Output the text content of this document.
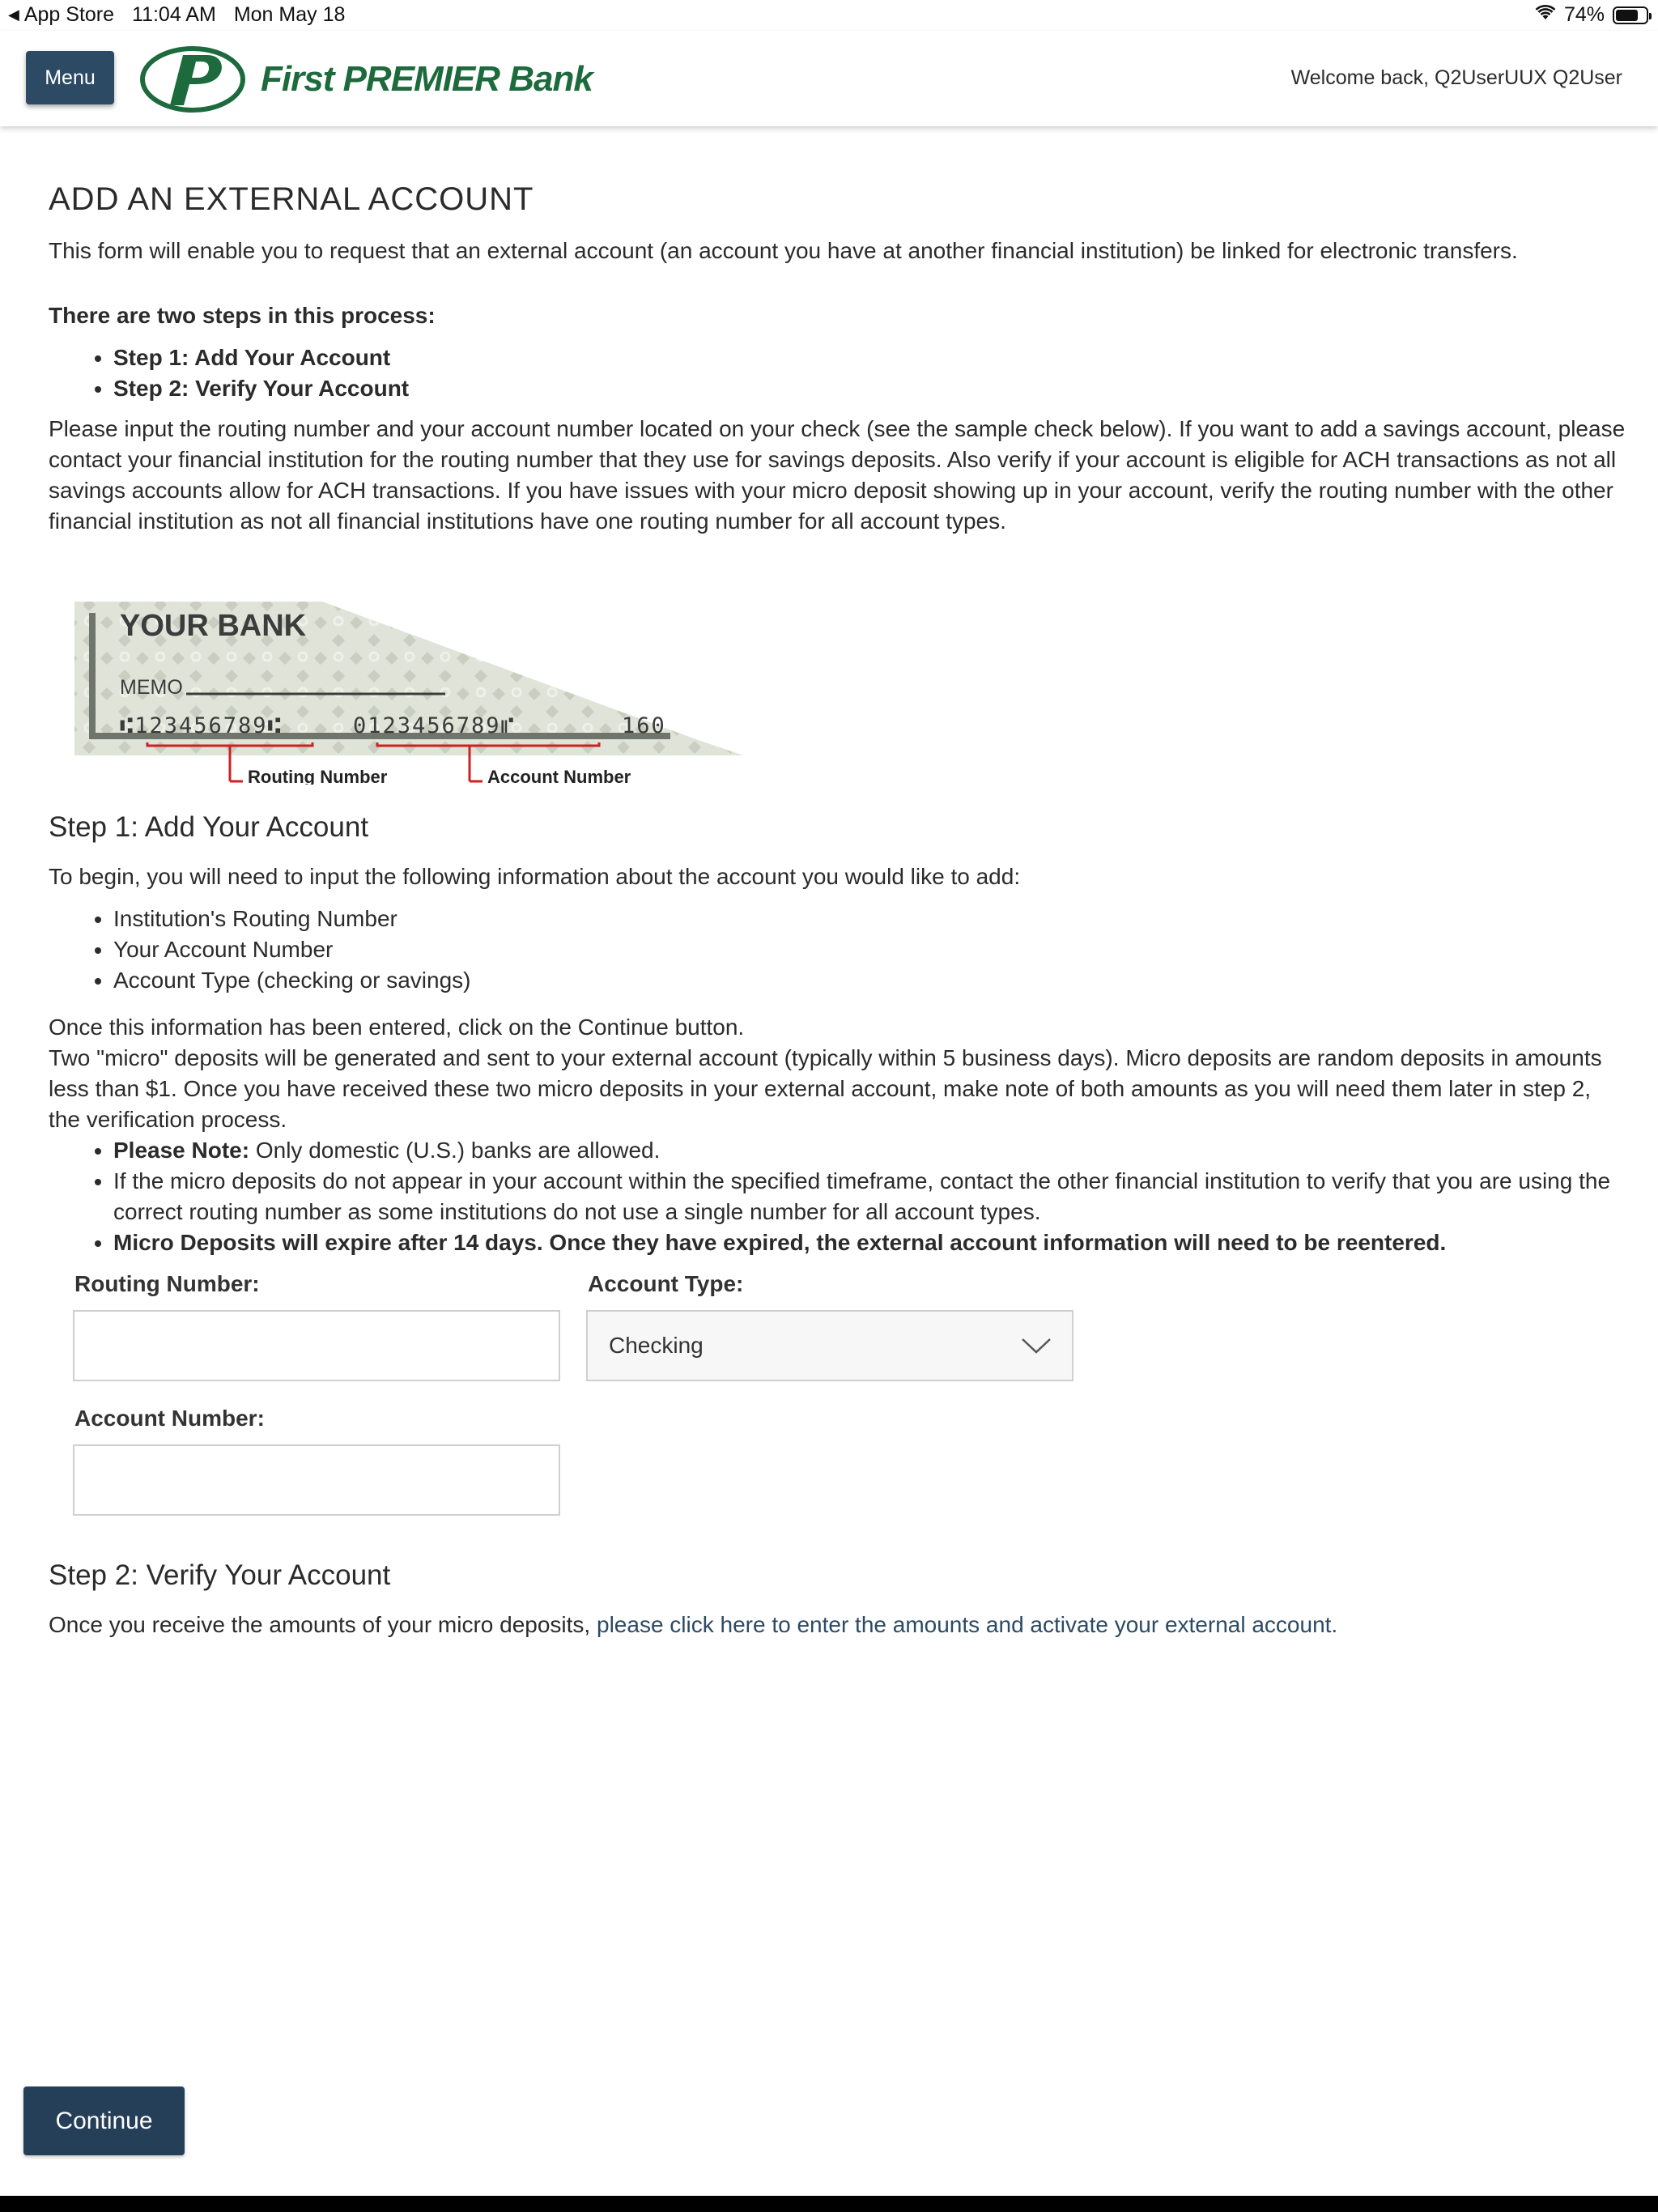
◀ App Store 11:04 AM Mon May 18	74%
Menu	First PREMIER Bank	Welcome back, Q2UserUUX Q2User
ADD AN EXTERNAL ACCOUNT

This form will enable you to request that an external account (an account you have at another financial institution) be linked for electronic transfers.

There are two steps in this process:

• Step 1: Add Your Account
• Step 2: Verify Your Account

Please input the routing number and your account number located on your check (see the sample check below). If you want to add a savings account, please contact your financial institution for the routing number that they use for savings deposits. Also verify if your account is eligible for ACH transactions as not all savings accounts allow for ACH transactions. If you have issues with your micro deposit showing up in your account, verify the routing number with the other financial institution as not all financial institutions have one routing number for all account types.

YOUR BANK
MEMO
⑆123456789⑆	0123456789⑈	160
Routing Number	Account Number
Step 1: Add Your Account

To begin, you will need to input the following information about the account you would like to add:

• Institution's Routing Number
• Your Account Number
• Account Type (checking or savings)

Once this information has been entered, click on the Continue button.

Two "micro" deposits will be generated and sent to your external account (typically within 5 business days). Micro deposits are random deposits in amounts less than $1. Once you have received these two micro deposits in your external account, make note of both amounts as you will need them later in step 2, the verification process.

• Please Note: Only domestic (U.S.) banks are allowed.
• If the micro deposits do not appear in your account within the specified timeframe, contact the other financial institution to verify that you are using the correct routing number as some institutions do not use a single number for all account types.
• Micro Deposits will expire after 14 days. Once they have expired, the external account information will need to be reentered.
Routing Number:	Account Type:
Checking
Account Number:
Step 2: Verify Your Account

Once you receive the amounts of your micro deposits, please click here to enter the amounts and activate your external account.

Continue
